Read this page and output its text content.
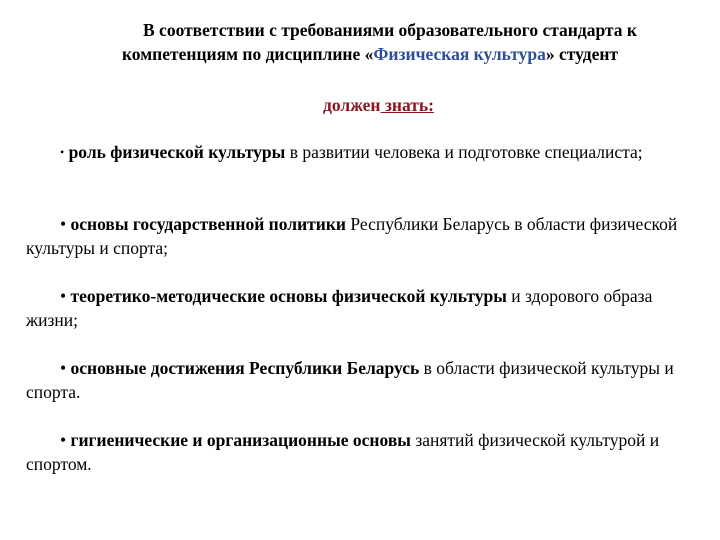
В соответствии с требованиями образовательного стандарта к
компетенциям по дисциплине «Физическая культура» студент
должен знать:
• роль физической культуры в развитии человека и подготовке специалиста;
• основы государственной политики Республики Беларусь в области физической культуры и спорта;
• теоретико-методические основы физической культуры и здорового образа жизни;
• основные достижения Республики Беларусь в области физической культуры и спорта.
• гигиенические и организационные основы занятий физической культурой и спортом.
